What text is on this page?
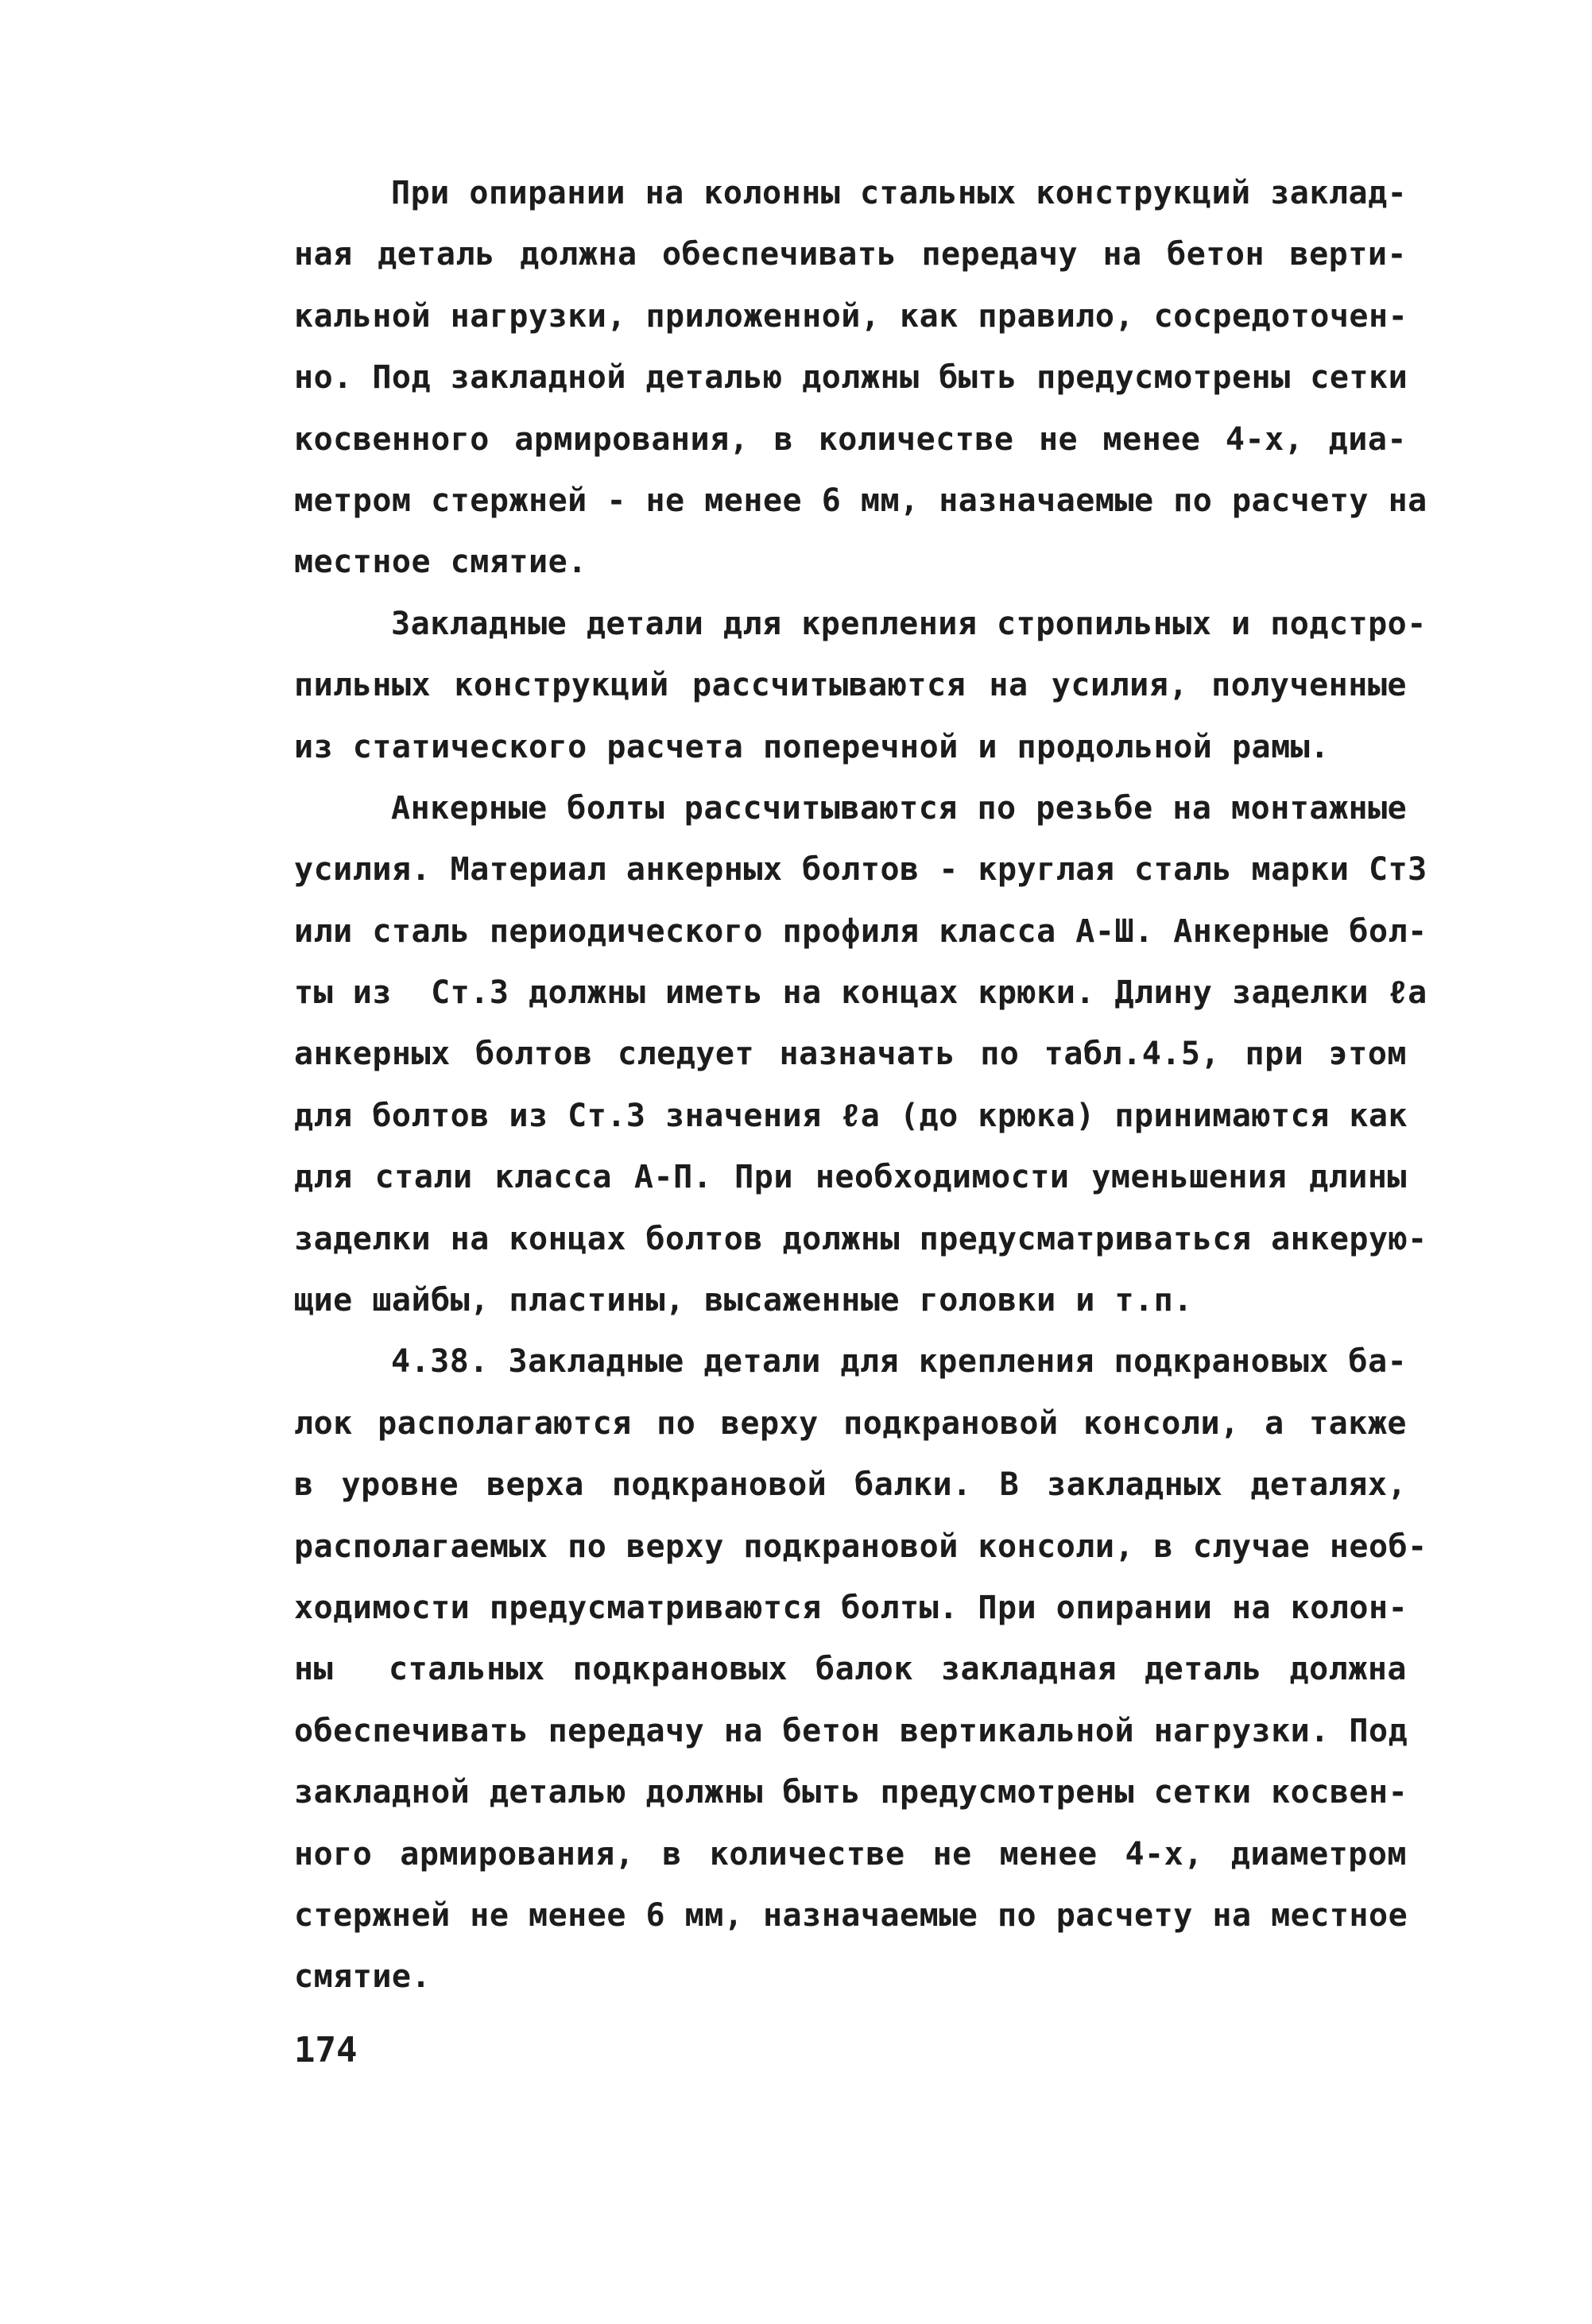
При опирании на колонны стальных конструкций заклад-
ная деталь должна обеспечивать передачу на бетон верти-
кальной нагрузки, приложенной, как правило, сосредоточен-
но. Под закладной деталью должны быть предусмотрены сетки
косвенного армирования, в количестве не менее 4-х, диа-
метром стержней - не менее 6 мм, назначаемые по расчету на
местное смятие.
Закладные детали для крепления стропильных и подстро-
пильных конструкций рассчитываются на усилия, полученные
из статического расчета поперечной и продольной рамы.
Анкерные болты рассчитываются по резьбе на монтажные
усилия. Материал анкерных болтов - круглая сталь марки Ст3
или сталь периодического профиля класса А-Ш. Анкерные бол-
ты из  Ст.3 должны иметь на концах крюки. Длину заделки ℓa
анкерных болтов следует назначать по табл.4.5, при этом
для болтов из Ст.3 значения ℓa (до крюка) принимаются как
для стали класса А-П. При необходимости уменьшения длины
заделки на концах болтов должны предусматриваться анкерую-
щие шайбы, пластины, высаженные головки и т.п.
4.38. Закладные детали для крепления подкрановых ба-
лок располагаются по верху подкрановой консоли, а также
в уровне верха подкрановой балки. В закладных деталях,
располагаемых по верху подкрановой консоли, в случае необ-
ходимости предусматриваются болты. При опирании на колон-
ны  стальных подкрановых балок закладная деталь должна
обеспечивать передачу на бетон вертикальной нагрузки. Под
закладной деталью должны быть предусмотрены сетки косвен-
ного армирования, в количестве не менее 4-х, диаметром
стержней не менее 6 мм, назначаемые по расчету на местное
смятие.
174
